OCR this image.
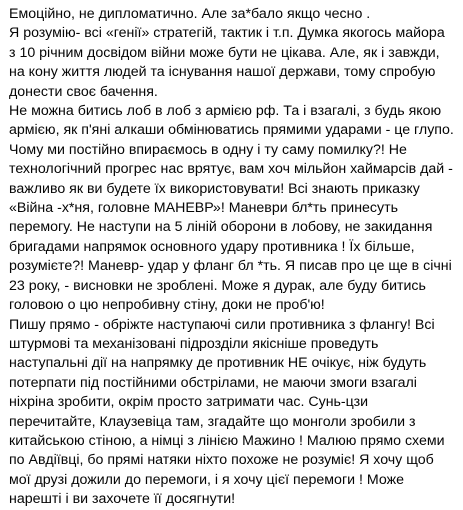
Емоційно, не дипломатично. Але за*бало якщо чесно .
Я розумію- всі «генії» стратегій, тактик і т.п. Думка якогось майора з 10 річним досвідом війни може бути не цікава. Але, як і завжди, на кону життя людей та існування нашої держави, тому спробую донести своє бачення.
Не можна битись лоб в лоб з армією рф. Та і взагалі, з будь якою армією, як п'яні алкаши обмінюватись прямими ударами - це глупо. Чому ми постійно впираємось в одну і ту саму помилку?! Не технологічний прогрес нас врятує, вам хоч мільйон хаймарсів дай - важливо як ви будете їх використовувати! Всі знають приказку «Війна -х*ня, головне МАНЕВР»! Маневри бл*ть принесуть перемогу. Не наступи на 5 ліній оборони в лобову, не закидання бригадами напрямок основного удару противника ! Їх більше, розумієте?! Маневр- удар у фланг бл *ть. Я писав про це ще в січні 23 року, - висновки не зроблені. Може я дурак, але буду битись головою о цю непробивну стіну, доки не проб'ю!
Пишу прямо - обріжте наступаючі сили противника з флангу! Всі штурмові та механізовані підрозділи якісніше проведуть наступальні дії на напрямку де противник НЕ очікує, ніж будуть потерпати під постійними обстрілами, не маючи змоги взагалі ніхріна зробити, окрім просто затримати час. Сунь-цзи перечитайте, Клаузевіца там, згадайте що монголи зробили з китайською стіною, а німці з лінією Мажино ! Малюю прямо схеми по Авдіївці, бо прямі натяки ніхто похоже не розуміє! Я хочу щоб мої друзі дожили до перемоги, і я хочу цієї перемоги ! Може нарешті і ви захочете її досягнути!
